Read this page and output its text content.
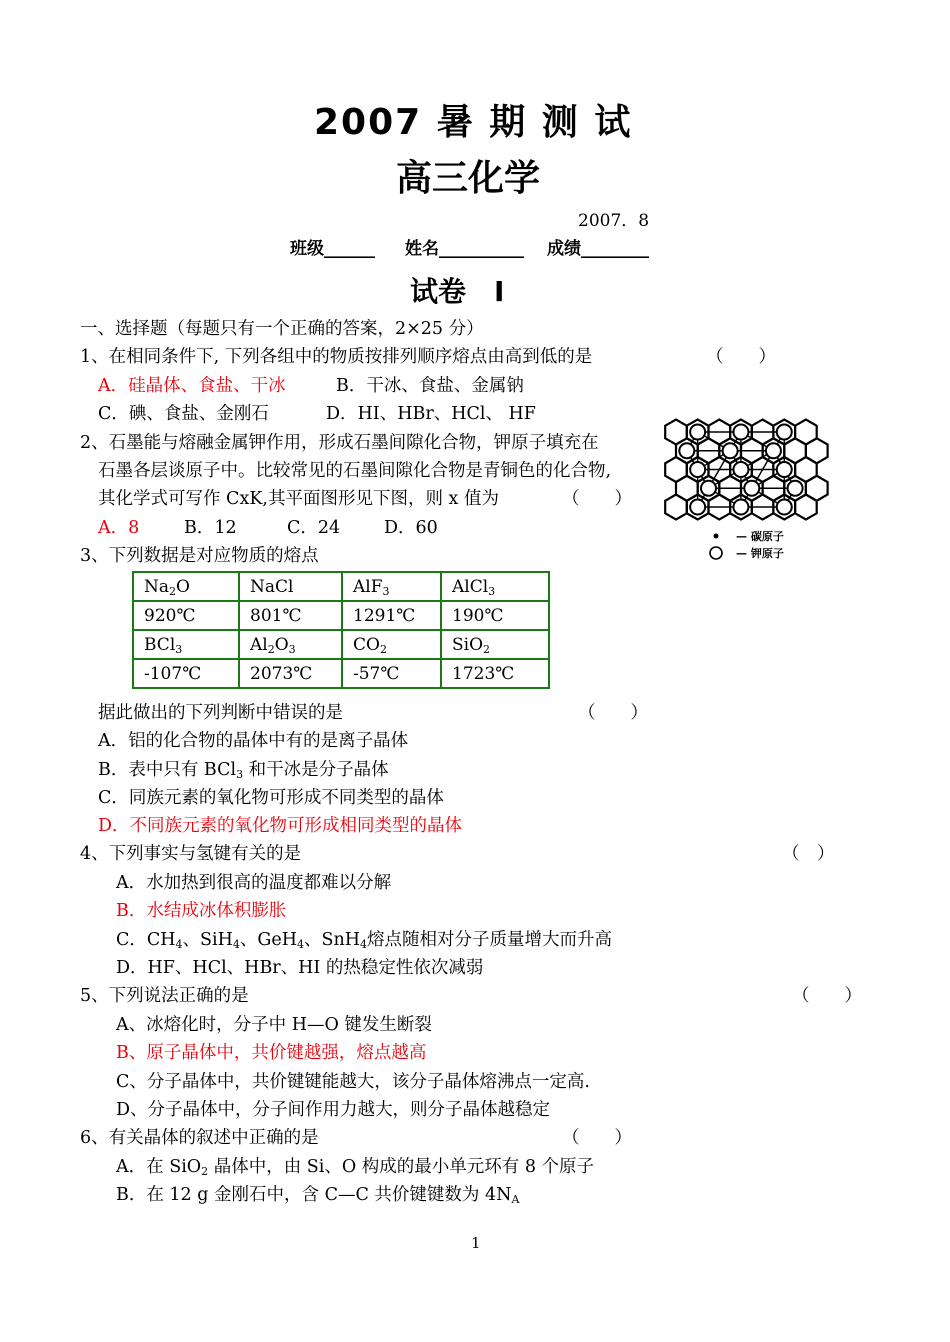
2007 暑 期 测 试
高三化学
2007．8
班级______ 姓名__________ 成绩________
试卷　Ⅰ
一、选择题（每题只有一个正确的答案，2×25 分）
1、在相同条件下, 下列各组中的物质按排列顺序熔点由高到低的是	（　　）
A．硅晶体、食盐、干冰	B．干冰、食盐、金属钠
C．碘、食盐、金刚石	D．HI、HBr、HCl、 HF
2、石墨能与熔融金属钾作用，形成石墨间隙化合物，钾原子填充在
石墨各层谈原子中。比较常见的石墨间隙化合物是青铜色的化合物,
其化学式可写作 CxK,其平面图形见下图，则 x 值为	（　　）
A．8	B．12	C．24	D．60	— 碳原子
— 钾原子
3、下列数据是对应物质的熔点
$Na_2O$	NaCl	AlF$_3$	AlCl$_3$
920℃	801℃	1291℃	190℃
BCl$_3$	$Al_2O_3$	$CO_2$	SiO$_2$
-107℃	2073℃	-57℃	1723℃
据此做出的下列判断中错误的是	（　　）
A．铝的化合物的晶体中有的是离子晶体
B．表中只有 BCl$_3$ 和干冰是分子晶体
C．同族元素的氧化物可形成不同类型的晶体
D．不同族元素的氧化物可形成相同类型的晶体
4、下列事实与氢键有关的是	（　）
A．水加热到很高的温度都难以分解
B．水结成冰体积膨胀
C．$CH_4$、SiH$_4$、GeH$_4$、SnH$_4$熔点随相对分子质量增大而升高
D．HF、HCl、HBr、HI 的热稳定性依次减弱
5、下列说法正确的是	（　　）
A、冰熔化时，分子中 H—O 键发生断裂
B、原子晶体中，共价键越强，熔点越高
C、分子晶体中，共价键键能越大，该分子晶体熔沸点一定高.
D、分子晶体中，分子间作用力越大，则分子晶体越稳定
6、有关晶体的叙述中正确的是	（　　）
A．在 SiO$_2$ 晶体中，由 Si、O 构成的最小单元环有 8 个原子
B．在 12 g 金刚石中，含 C—C 共价键键数为 $4N_A$
1
